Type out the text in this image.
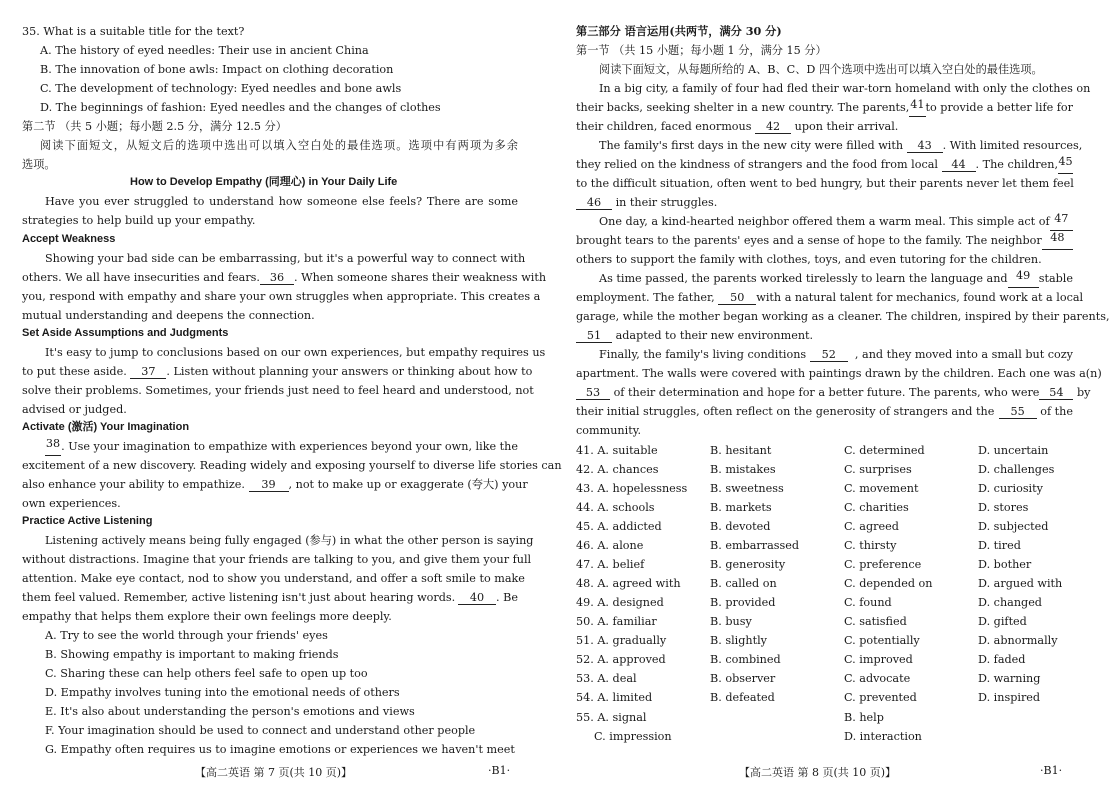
35. What is a suitable title for the text?
A. The history of eyed needles: Their use in ancient China
B. The innovation of bone awls: Impact on clothing decoration
C. The development of technology: Eyed needles and bone awls
D. The beginnings of fashion: Eyed needles and the changes of clothes
第二节 （共 5 小题；每小题 2.5 分，满分 12.5 分）
阅读下面短文，从短文后的选项中选出可以填入空白处的最佳选项。选项中有两项为多余
选项。
How to Develop Empathy (同理心) in Your Daily Life
Have you ever struggled to understand how someone else feels? There are some
strategies to help build up your empathy.
Accept Weakness
Showing your bad side can be embarrassing, but it's a powerful way to connect with
others. We all have insecurities and fears. 36 . When someone shares their weakness with
you, respond with empathy and share your own struggles when appropriate. This creates a
mutual understanding and deepens the connection.
Set Aside Assumptions and Judgments
It's easy to jump to conclusions based on our own experiences, but empathy requires us
to put these aside. 37 . Listen without planning your answers or thinking about how to
solve their problems. Sometimes, your friends just need to feel heard and understood, not
advised or judged.
Activate (激活) Your Imagination
38 . Use your imagination to empathize with experiences beyond your own, like the
excitement of a new discovery. Reading widely and exposing yourself to diverse life stories can
also enhance your ability to empathize. 39	, not to make up or exaggerate (夸大) your
own experiences.
Practice Active Listening
Listening actively means being fully engaged (参与) in what the other person is saying
without distractions. Imagine that your friends are talking to you, and give them your full
attention. Make eye contact, nod to show you understand, and offer a soft smile to make
them feel valued. Remember, active listening isn't just about hearing words.	40 . Be
empathy that helps them explore their own feelings more deeply.
A. Try to see the world through your friends' eyes
B. Showing empathy is important to making friends
C. Sharing these can help others feel safe to open up too
D. Empathy involves tuning into the emotional needs of others
E. It's also about understanding the person's emotions and views
F. Your imagination should be used to connect and understand other people
G. Empathy often requires us to imagine emotions or experiences we haven't meet
【高二英语 第 7 页(共 10 页)】	·B1·
第三部分 语言运用(共两节，满分 30 分)
第一节 （共 15 小题；每小题 1 分，满分 15 分）
阅读下面短文，从每题所给的 A、B、C、D 四个选项中选出可以填入空白处的最佳选项。
In a big city, a family of four had fled their war-torn homeland with only the clothes on
their backs, seeking shelter in a new country. The parents, 41 to provide a better life for
their children, faced enormous 42 upon their arrival.
The family's first days in the new city were filled with 43 . With limited resources,
they relied on the kindness of strangers and the food from local 44 . The children, 45
to the difficult situation, often went to bed hungry, but their parents never let them feel
46 in their struggles.
One day, a kind-hearted neighbor offered them a warm meal. This simple act of 47
brought tears to the parents' eyes and a sense of hope to the family. The neighbor 48
others to support the family with clothes, toys, and even tutoring for the children.
As time passed, the parents worked tirelessly to learn the language and 49 stable
employment. The father, 50	with a natural talent for mechanics, found work at a local
garage, while the mother began working as a cleaner. The children, inspired by their parents,
51 adapted to their new environment.
Finally, the family's living conditions 52	, and they moved into a small but cozy
apartment. The walls were covered with paintings drawn by the children. Each one was a(n)
53 of their determination and hope for a better future. The parents, who were 54 by
their initial struggles, often reflect on the generosity of strangers and the	55 of the
community.
41. A. suitable	B. hesitant	C. determined	D. uncertain
42. A. chances	B. mistakes	C. surprises	D. challenges
43. A. hopelessness B. sweetness	C. movement	D. curiosity
44. A. schools	B. markets	C. charities	D. stores
45. A. addicted	B. devoted	C. agreed	D. subjected
46. A. alone	B. embarrassed	C. thirsty	D. tired
47. A. belief	B. generosity	C. preference	D. bother
48. A. agreed with	B. called on	C. depended on	D. argued with
49. A. designed	B. provided	C. found	D. changed
50. A. familiar	B. busy	C. satisfied	D. gifted
51. A. gradually	B. slightly	C. potentially	D. abnormally
52. A. approved	B. combined	C. improved	D. faded
53. A. deal	B. observer	C. advocate	D. warning
54. A. limited	B. defeated	C. prevented	D. inspired
55. A. signal	B. help
C. impression	D. interaction
【高二英语 第 8 页(共 10 页)】	·B1·
